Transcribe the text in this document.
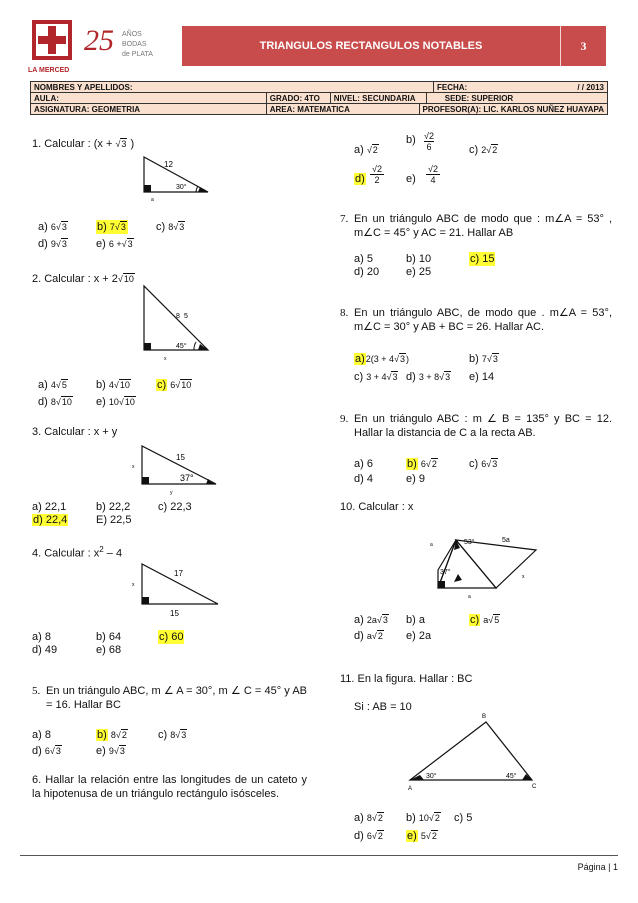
LA MERCED
25 AÑOS
BODAS
de PLATA
TRIANGULOS RECTANGULOS NOTABLES	3
NOMBRES Y APELLIDOS:					FECHA:	/ / 2013
AULA:	GRADO: 4TO	NIVEL: SECUNDARIA		SEDE: SUPERIOR		
ASIGNATURA: GEOMETRIA	AREA: MATEMATICA		PROFESOR(A): LIC. KARLOS NUÑEZ HUAYAPA			
1. Calcular : (x + √3 )
12
30°
a
a) 6√3	b) 7√3	c) 8√3
d) 9√3	e) 6 +√3
2. Calcular : x + 2√10
8 5
45°
x
a) 4√5	b) 4√10 c) 6√10
d) 8√10 e) 10√10
3. Calcular : x + y
15
37°
x
y
a) 22,1	b) 22,2	c) 22,3
d) 22,4	E) 22,5
4. Calcular : $x^2 - 4$
17
15
x
a) 8	b) 64	c) 60
d) 49	e) 68
5. En un triángulo ABC, m ∠ A = 30°, m ∠ C = 45° y AB = 16. Hallar BC
a) 8	b) 8√2	c) 8√3
d) 6√3	e) 9√3
6. Hallar la relación entre las longitudes de un cateto y la hipotenusa de un triángulo rectángulo isósceles.
a) √2
b) √2
6	c) 2√2
d)
√2
2	e)
√2
4
7. En un triángulo ABC de modo que : m∠A = 53° , m∠C = 45° y AC = 21. Hallar AB
a) 5	b) 10	c) 15
d) 20 e) 25
8. En un triángulo ABC, de modo que . m∠A = 53°, m∠C = 30° y AB + BC = 26. Hallar AC.
a)2(3 + 4√3)	b) 7√3
c) 3 + 4√3 d) 3 + 8√3 e) 14
9. En un triángulo ABC : m ∠ B = 135° y BC = 12. Hallar la distancia de C a la recta AB.
a) 6	b) 6√2	c) 6√3
d) 4	e) 9
10. Calcular : x
a	53°
37°
5a
a
x
a) 2a√3 b) a	c) a√5
d) a√2 e) 2a
11. En la figura. Hallar : BC
Si : AB = 10
B
A	C
30°	45°
a) 8√2 b) 10√2 c) 5
d) 6√2 e) 5√2
Página | 1
